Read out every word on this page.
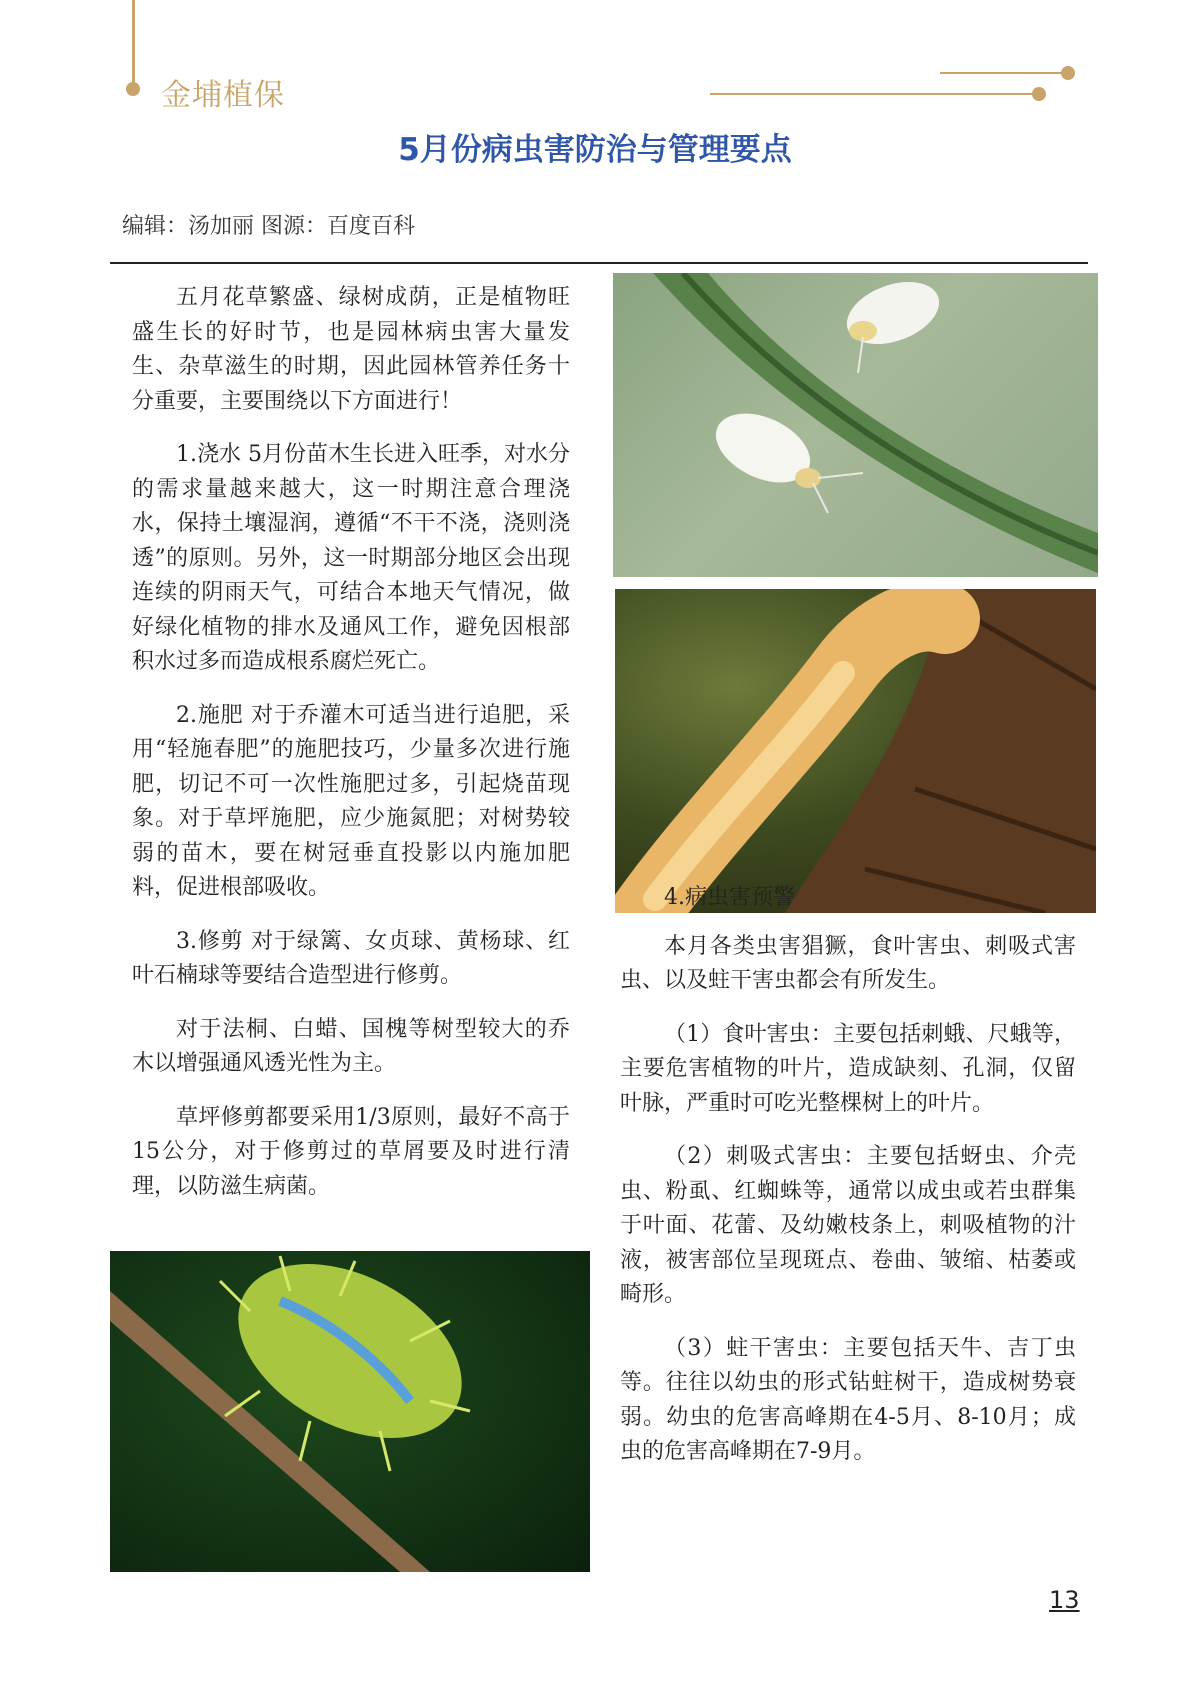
金埔植保
5月份病虫害防治与管理要点
编辑：汤加丽 图源：百度百科

五月花草繁盛、绿树成荫，正是植物旺盛生长的好时节，也是园林病虫害大量发生、杂草滋生的时期，因此园林管养任务十分重要，主要围绕以下方面进行！

1.浇水 5月份苗木生长进入旺季，对水分的需求量越来越大，这一时期注意合理浇水，保持土壤湿润，遵循“不干不浇，浇则浇透”的原则。另外，这一时期部分地区会出现连续的阴雨天气，可结合本地天气情况，做好绿化植物的排水及通风工作，避免因根部积水过多而造成根系腐烂死亡。

2.施肥 对于乔灌木可适当进行追肥，采用“轻施春肥”的施肥技巧，少量多次进行施肥，切记不可一次性施肥过多，引起烧苗现象。对于草坪施肥，应少施氮肥；对树势较弱的苗木，要在树冠垂直投影以内施加肥料，促进根部吸收。

3.修剪 对于绿篱、女贞球、黄杨球、红叶石楠球等要结合造型进行修剪。

对于法桐、白蜡、国槐等树型较大的乔木以增强通风透光性为主。

草坪修剪都要采用1/3原则，最好不高于15公分，对于修剪过的草屑要及时进行清理，以防滋生病菌。

4.病虫害预警

本月各类虫害猖獗，食叶害虫、刺吸式害虫、以及蛀干害虫都会有所发生。

（1）食叶害虫：主要包括刺蛾、尺蛾等，主要危害植物的叶片，造成缺刻、孔洞，仅留叶脉，严重时可吃光整棵树上的叶片。

（2）刺吸式害虫：主要包括蚜虫、介壳虫、粉虱、红蜘蛛等，通常以成虫或若虫群集于叶面、花蕾、及幼嫩枝条上，刺吸植物的汁液，被害部位呈现斑点、卷曲、皱缩、枯萎或畸形。

（3）蛀干害虫：主要包括天牛、吉丁虫等。往往以幼虫的形式钻蛀树干，造成树势衰弱。幼虫的危害高峰期在4-5月、8-10月；成虫的危害高峰期在7-9月。

13
